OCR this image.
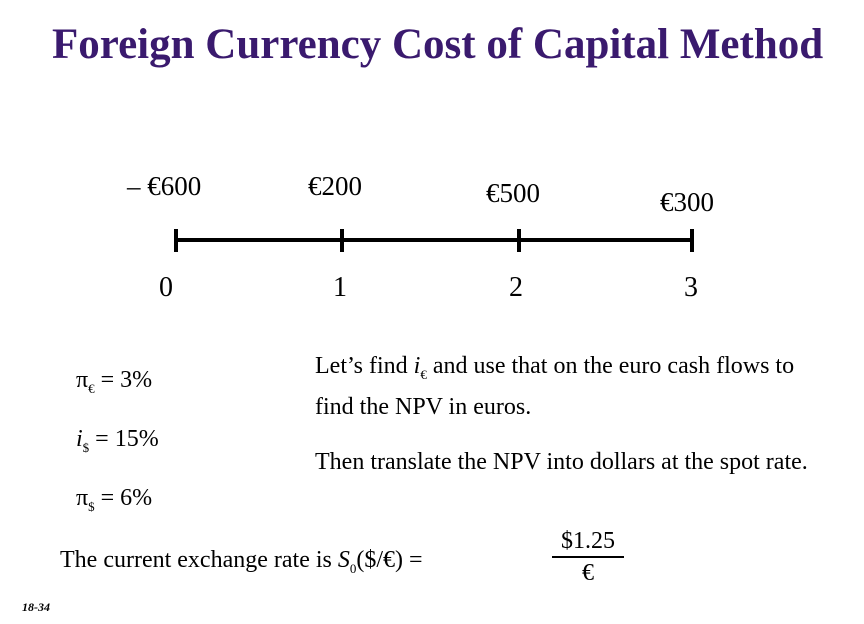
Foreign Currency Cost of Capital Method
– €600	€200	€500	€300
0	1	2	3
$\pi_€ = 3\%$
$i_{\$} = 15\%$
$\pi_{\$} = 6\%$
Let’s find $i_€$ and use that on the euro cash flows to find the NPV in euros.
Then translate the NPV into dollars at the spot rate.
The current exchange rate is $S_0(\$/€)$ =
$1.25
€
18-34
